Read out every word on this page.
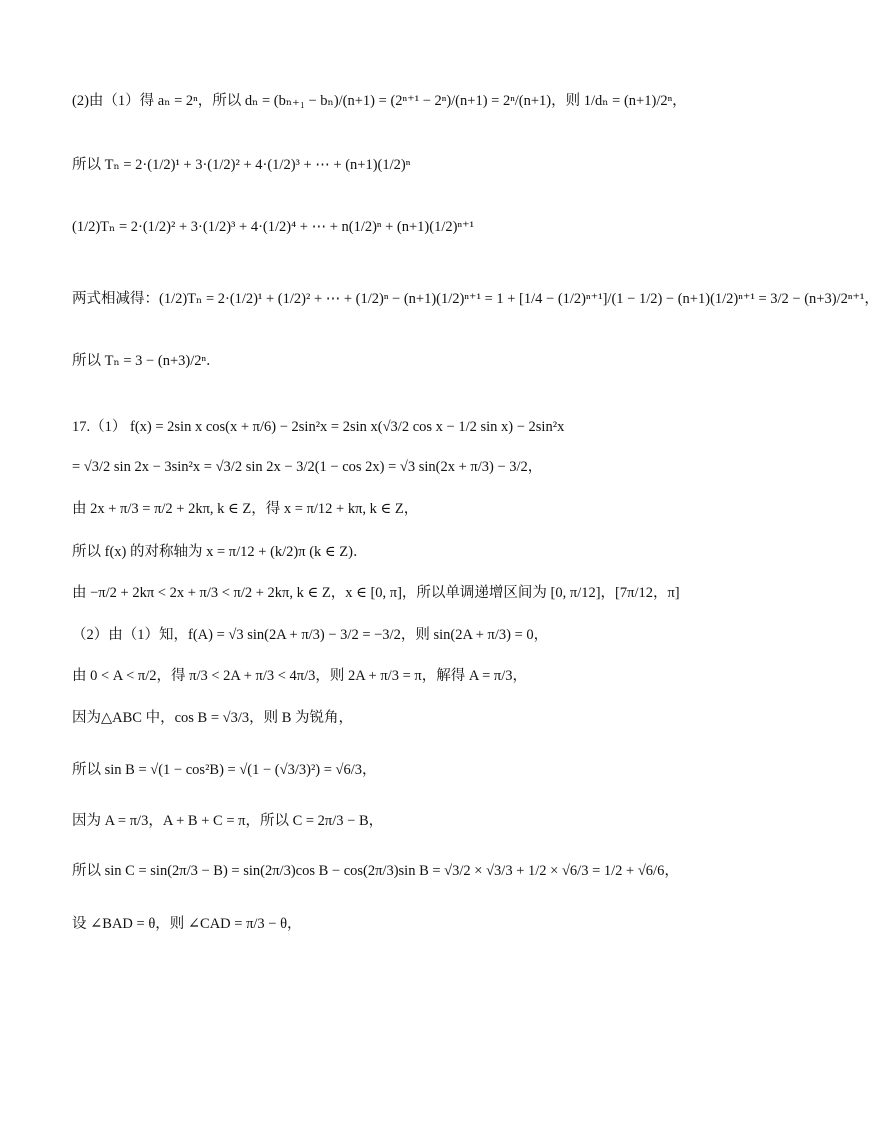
(2)由（1）得 aₙ = 2ⁿ，所以 dₙ = (bₙ₊₁ − bₙ)/(n+1) = (2ⁿ⁺¹ − 2ⁿ)/(n+1) = 2ⁿ/(n+1)，则 1/dₙ = (n+1)/2ⁿ，
所以 Tₙ = 2·(1/2)¹ + 3·(1/2)² + 4·(1/2)³ + ⋯ + (n+1)(1/2)ⁿ
(1/2)Tₙ = 2·(1/2)² + 3·(1/2)³ + 4·(1/2)⁴ + ⋯ + n(1/2)ⁿ + (n+1)(1/2)ⁿ⁺¹
两式相减得：(1/2)Tₙ = 2·(1/2)¹ + (1/2)² + ⋯ + (1/2)ⁿ − (n+1)(1/2)ⁿ⁺¹ = 1 + [1/4 − (1/2)ⁿ⁺¹]/(1 − 1/2) − (n+1)(1/2)ⁿ⁺¹ = 3/2 − (n+3)/2ⁿ⁺¹，
所以 Tₙ = 3 − (n+3)/2ⁿ．
17.（1） f(x) = 2sin x cos(x + π/6) − 2sin²x = 2sin x(√3/2 cos x − 1/2 sin x) − 2sin²x
= √3/2 sin 2x − 3sin²x = √3/2 sin 2x − 3/2(1 − cos 2x) = √3 sin(2x + π/3) − 3/2，
由 2x + π/3 = π/2 + 2kπ, k ∈ Z，得 x = π/12 + kπ, k ∈ Z，
所以 f(x) 的对称轴为 x = π/12 + (k/2)π (k ∈ Z)．
由 −π/2 + 2kπ < 2x + π/3 < π/2 + 2kπ, k ∈ Z，x ∈ [0, π]，所以单调递增区间为 [0, π/12]，[7π/12，π]
（2）由（1）知，f(A) = √3 sin(2A + π/3) − 3/2 = −3/2，则 sin(2A + π/3) = 0，
由 0 < A < π/2，得 π/3 < 2A + π/3 < 4π/3，则 2A + π/3 = π，解得 A = π/3，
因为△ABC 中，cos B = √3/3，则 B 为锐角，
所以 sin B = √(1 − cos²B) = √(1 − (√3/3)²) = √6/3，
因为 A = π/3，A + B + C = π，所以 C = 2π/3 − B，
所以 sin C = sin(2π/3 − B) = sin(2π/3)cos B − cos(2π/3)sin B = √3/2 × √3/3 + 1/2 × √6/3 = 1/2 + √6/6，
设 ∠BAD = θ，则 ∠CAD = π/3 − θ，
